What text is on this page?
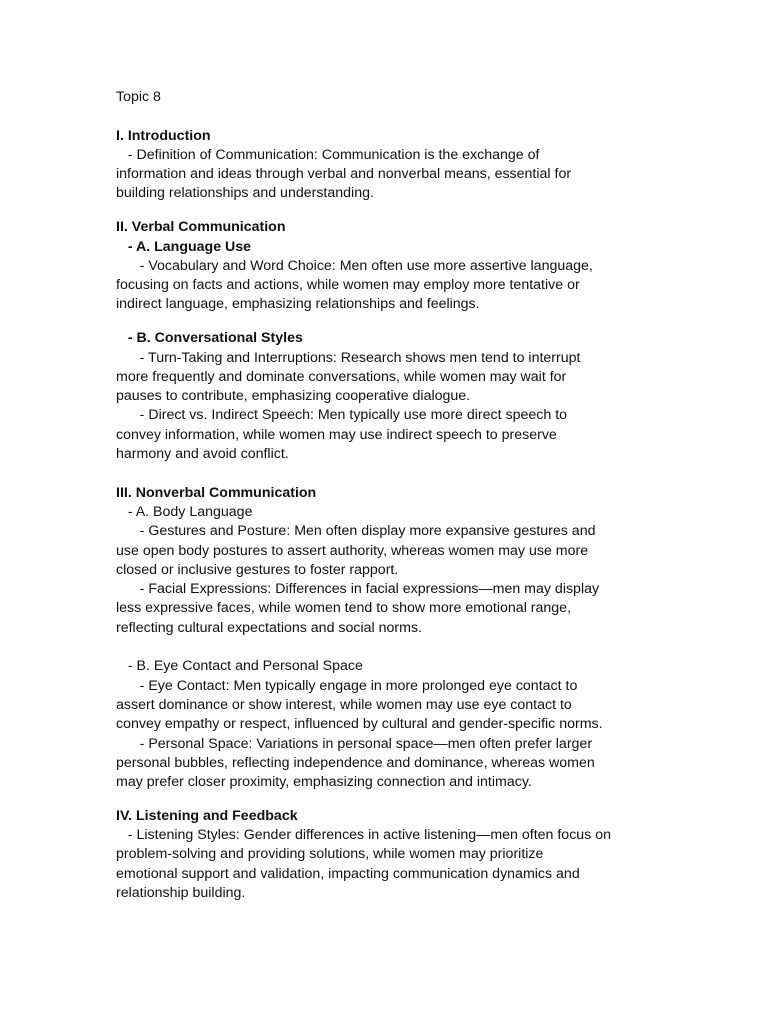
Topic 8
I. Introduction
- Definition of Communication: Communication is the exchange of
information and ideas through verbal and nonverbal means, essential for
building relationships and understanding.
II. Verbal Communication
- A. Language Use
- Vocabulary and Word Choice: Men often use more assertive language,
focusing on facts and actions, while women may employ more tentative or
indirect language, emphasizing relationships and feelings.
- B. Conversational Styles
- Turn-Taking and Interruptions: Research shows men tend to interrupt
more frequently and dominate conversations, while women may wait for
pauses to contribute, emphasizing cooperative dialogue.
- Direct vs. Indirect Speech: Men typically use more direct speech to
convey information, while women may use indirect speech to preserve
harmony and avoid conflict.
III. Nonverbal Communication
- A. Body Language
- Gestures and Posture: Men often display more expansive gestures and
use open body postures to assert authority, whereas women may use more
closed or inclusive gestures to foster rapport.
- Facial Expressions: Differences in facial expressions—men may display
less expressive faces, while women tend to show more emotional range,
reflecting cultural expectations and social norms.
- B. Eye Contact and Personal Space
- Eye Contact: Men typically engage in more prolonged eye contact to
assert dominance or show interest, while women may use eye contact to
convey empathy or respect, influenced by cultural and gender-specific norms.
- Personal Space: Variations in personal space—men often prefer larger
personal bubbles, reflecting independence and dominance, whereas women
may prefer closer proximity, emphasizing connection and intimacy.
IV. Listening and Feedback
- Listening Styles: Gender differences in active listening—men often focus on
problem-solving and providing solutions, while women may prioritize
emotional support and validation, impacting communication dynamics and
relationship building.
